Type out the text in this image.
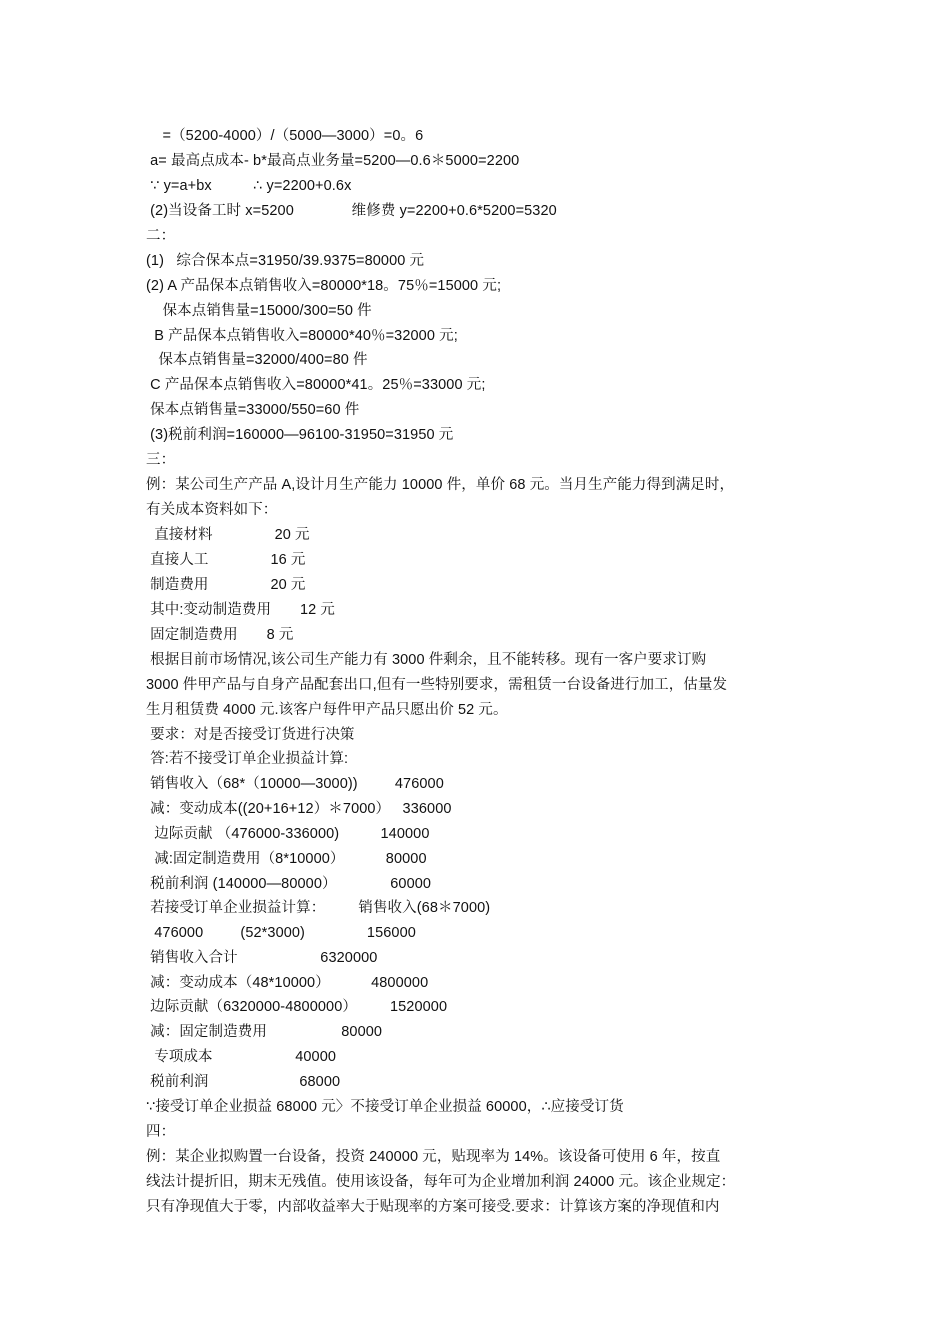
=（5200-4000）/（5000—3000）=0。6
a= 最高点成本- b*最高点业务量=5200—0.6＊5000=2200
∵ y=a+bx          ∴ y=2200+0.6x
(2)当设备工时 x=5200              维修费 y=2200+0.6*5200=5320
二：
(1)   综合保本点=31950/39.9375=80000 元
(2) A 产品保本点销售收入=80000*18。75％=15000 元;
保本点销售量=15000/300=50 件
B 产品保本点销售收入=80000*40％=32000 元;
保本点销售量=32000/400=80 件
C 产品保本点销售收入=80000*41。25％=33000 元;
保本点销售量=33000/550=60 件
(3)税前利润=160000—96100-31950=31950 元
三：
例：某公司生产产品 A,设计月生产能力 10000 件，单价 68 元。当月生产能力得到满足时，
有关成本资料如下：
直接材料               20 元
直接人工               16 元
制造费用               20 元
其中:变动制造费用       12 元
固定制造费用       8 元
根据目前市场情况,该公司生产能力有 3000 件剩余，且不能转移。现有一客户要求订购
3000 件甲产品与自身产品配套出口,但有一些特别要求，需租赁一台设备进行加工，估量发
生月租赁费 4000 元.该客户每件甲产品只愿出价 52 元。
要求：对是否接受订货进行决策
答:若不接受订单企业损益计算:
销售收入（68*（10000—3000))         476000
减：变动成本((20+16+12）＊7000）   336000
边际贡献 （476000-336000)          140000
减:固定制造费用（8*10000）          80000
税前利润 (140000—80000）             60000
若接受订单企业损益计算：        销售收入(68＊7000)
476000         (52*3000)               156000
销售收入合计                    6320000
减：变动成本（48*10000）          4800000
边际贡献（6320000-4800000）        1520000
减：固定制造费用                  80000
专项成本                    40000
税前利润                      68000
∵接受订单企业损益 68000 元〉不接受订单企业损益 60000，∴应接受订货
四：
例：某企业拟购置一台设备，投资 240000 元，贴现率为 14%。该设备可使用 6 年，按直
线法计提折旧，期末无残值。使用该设备，每年可为企业增加利润 24000 元。该企业规定：
只有净现值大于零，内部收益率大于贴现率的方案可接受.要求：计算该方案的净现值和内
